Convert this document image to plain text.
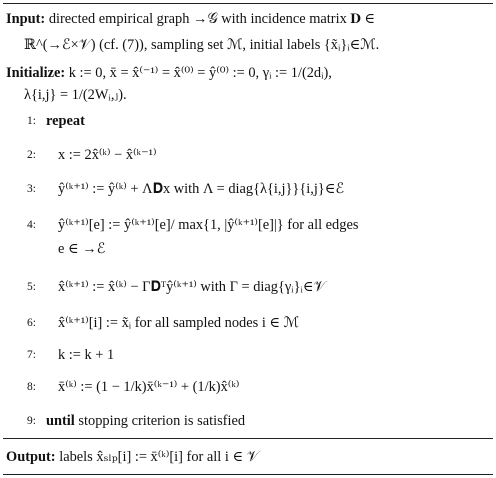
Input: directed empirical graph →𝒢 with incidence matrix 𝐃 ∈
ℝ^(→ℰ×𝒱) (cf. (7)), sampling set ℳ, initial labels {x̃ᵢ}ᵢ∈ℳ.
Initialize: k := 0, x̄ = x̂⁽⁻¹⁾ = x̂⁽⁰⁾ = ŷ⁽⁰⁾ := 0, γᵢ := 1/(2dᵢ),
λ{i,j} = 1/(2Wᵢ,ⱼ).
1: repeat
2: x := 2x̂⁽ᵏ⁾ − x̂⁽ᵏ⁻¹⁾
3: ŷ⁽ᵏ⁺¹⁾ := ŷ⁽ᵏ⁾ + Λ𝐃x with Λ = diag{λ{i,j}}{i,j}∈ℰ
4: ŷ⁽ᵏ⁺¹⁾[e] := ŷ⁽ᵏ⁺¹⁾[e]/ max{1, |ŷ⁽ᵏ⁺¹⁾[e]|} for all edges
e ∈ →ℰ
5: x̂⁽ᵏ⁺¹⁾ := x̂⁽ᵏ⁾ − Γ𝐃ᵀŷ⁽ᵏ⁺¹⁾ with Γ = diag{γᵢ}ᵢ∈𝒱
6: x̂⁽ᵏ⁺¹⁾[i] := x̃ᵢ for all sampled nodes i ∈ ℳ
7: k := k + 1
8: x̄⁽ᵏ⁾ := (1 − 1/k)x̄⁽ᵏ⁻¹⁾ + (1/k)x̂⁽ᵏ⁾
9: until stopping criterion is satisfied
Output: labels x̂ₛₗₚ[i] := x̄⁽ᵏ⁾[i] for all i ∈ 𝒱
